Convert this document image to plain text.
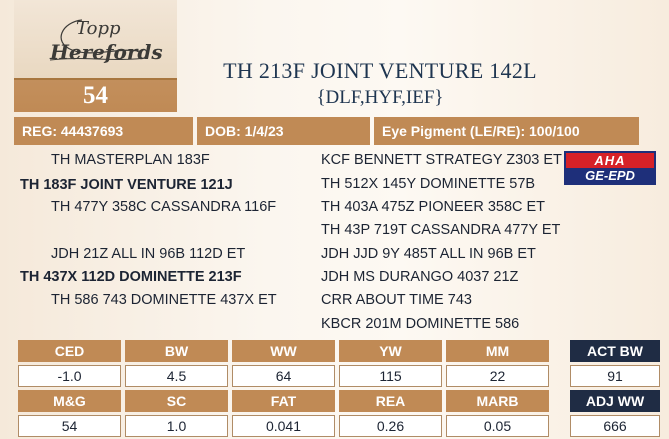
Topp
Herefords
54
TH 213F JOINT VENTURE 142L
{DLF,HYF,IEF}
REG: 44437693	DOB: 1/4/23	Eye Pigment (LE/RE): 100/100
TH MASTERPLAN 183F
TH 183F JOINT VENTURE 121J
TH 477Y 358C CASSANDRA 116F
JDH 21Z ALL IN 96B 112D ET
TH 437X 112D DOMINETTE 213F
TH 586 743 DOMINETTE 437X ET
KCF BENNETT STRATEGY Z303 ET
TH 512X 145Y DOMINETTE 57B
TH 403A 475Z PIONEER 358C ET
TH 43P 719T CASSANDRA 477Y ET
JDH JJD 9Y 485T ALL IN 96B ET
JDH MS DURANGO 4037 21Z
CRR ABOUT TIME 743
KBCR 201M DOMINETTE 586
AHA
GE-EPD
CED	BW	WW	YW	MM
-1.0	4.5	64	115	22
M&G	SC	FAT	REA	MARB
54	1.0	0.041	0.26	0.05
ACT BW
91
ADJ WW
666
